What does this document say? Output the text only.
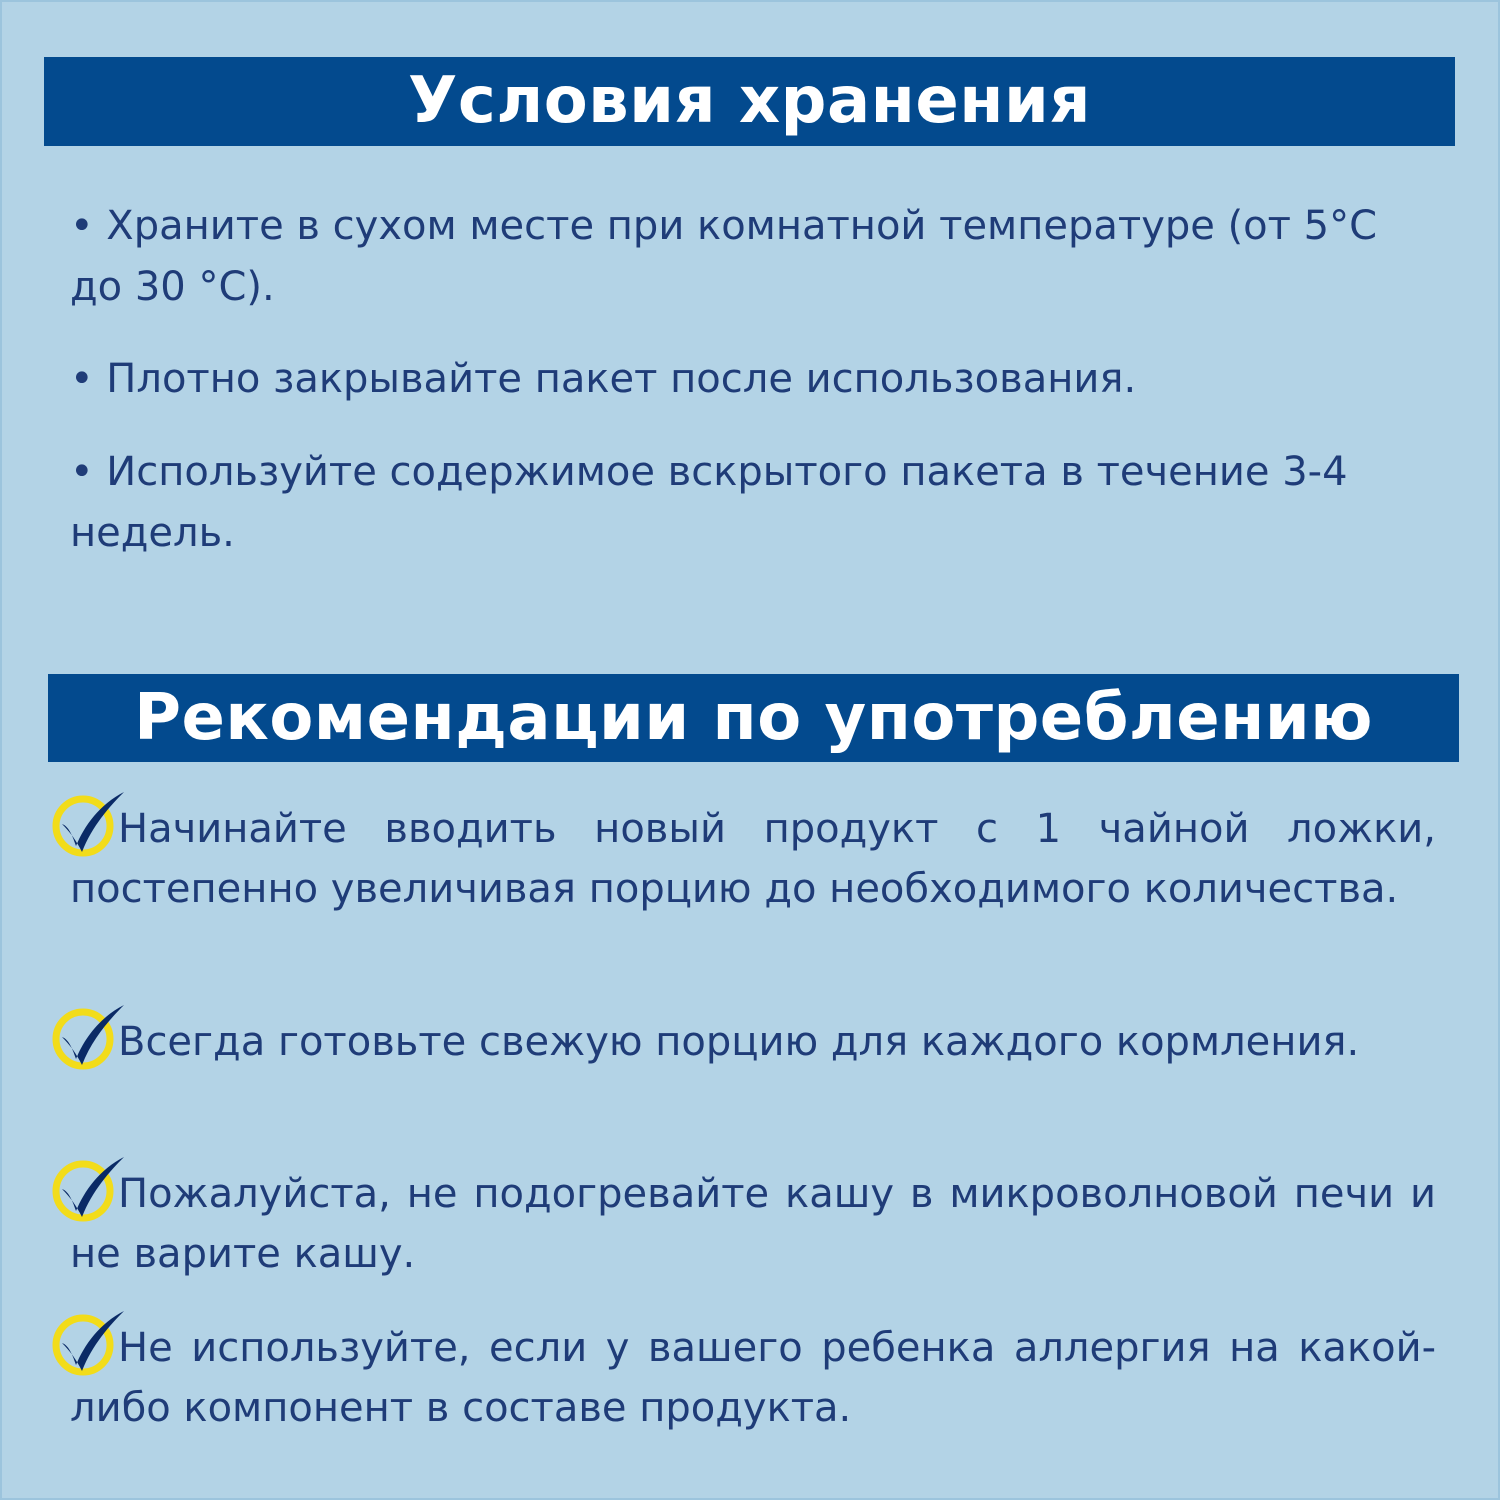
Условия хранения
• Храните в сухом месте при комнатной температуре (от 5°С до 30 °С).
• Плотно закрывайте пакет после использования.
• Используйте содержимое вскрытого пакета в течение 3-4 недель.
Рекомендации по употреблению
Начинайте вводить новый продукт с 1 чайной ложки, постепенно увеличивая порцию до необходимого количества.
Всегда готовьте свежую порцию для каждого кормления.
Пожалуйста, не подогревайте кашу в микроволновой печи и не варите кашу.
Не используйте, если у вашего ребенка аллергия на какой-либо компонент в составе продукта.
